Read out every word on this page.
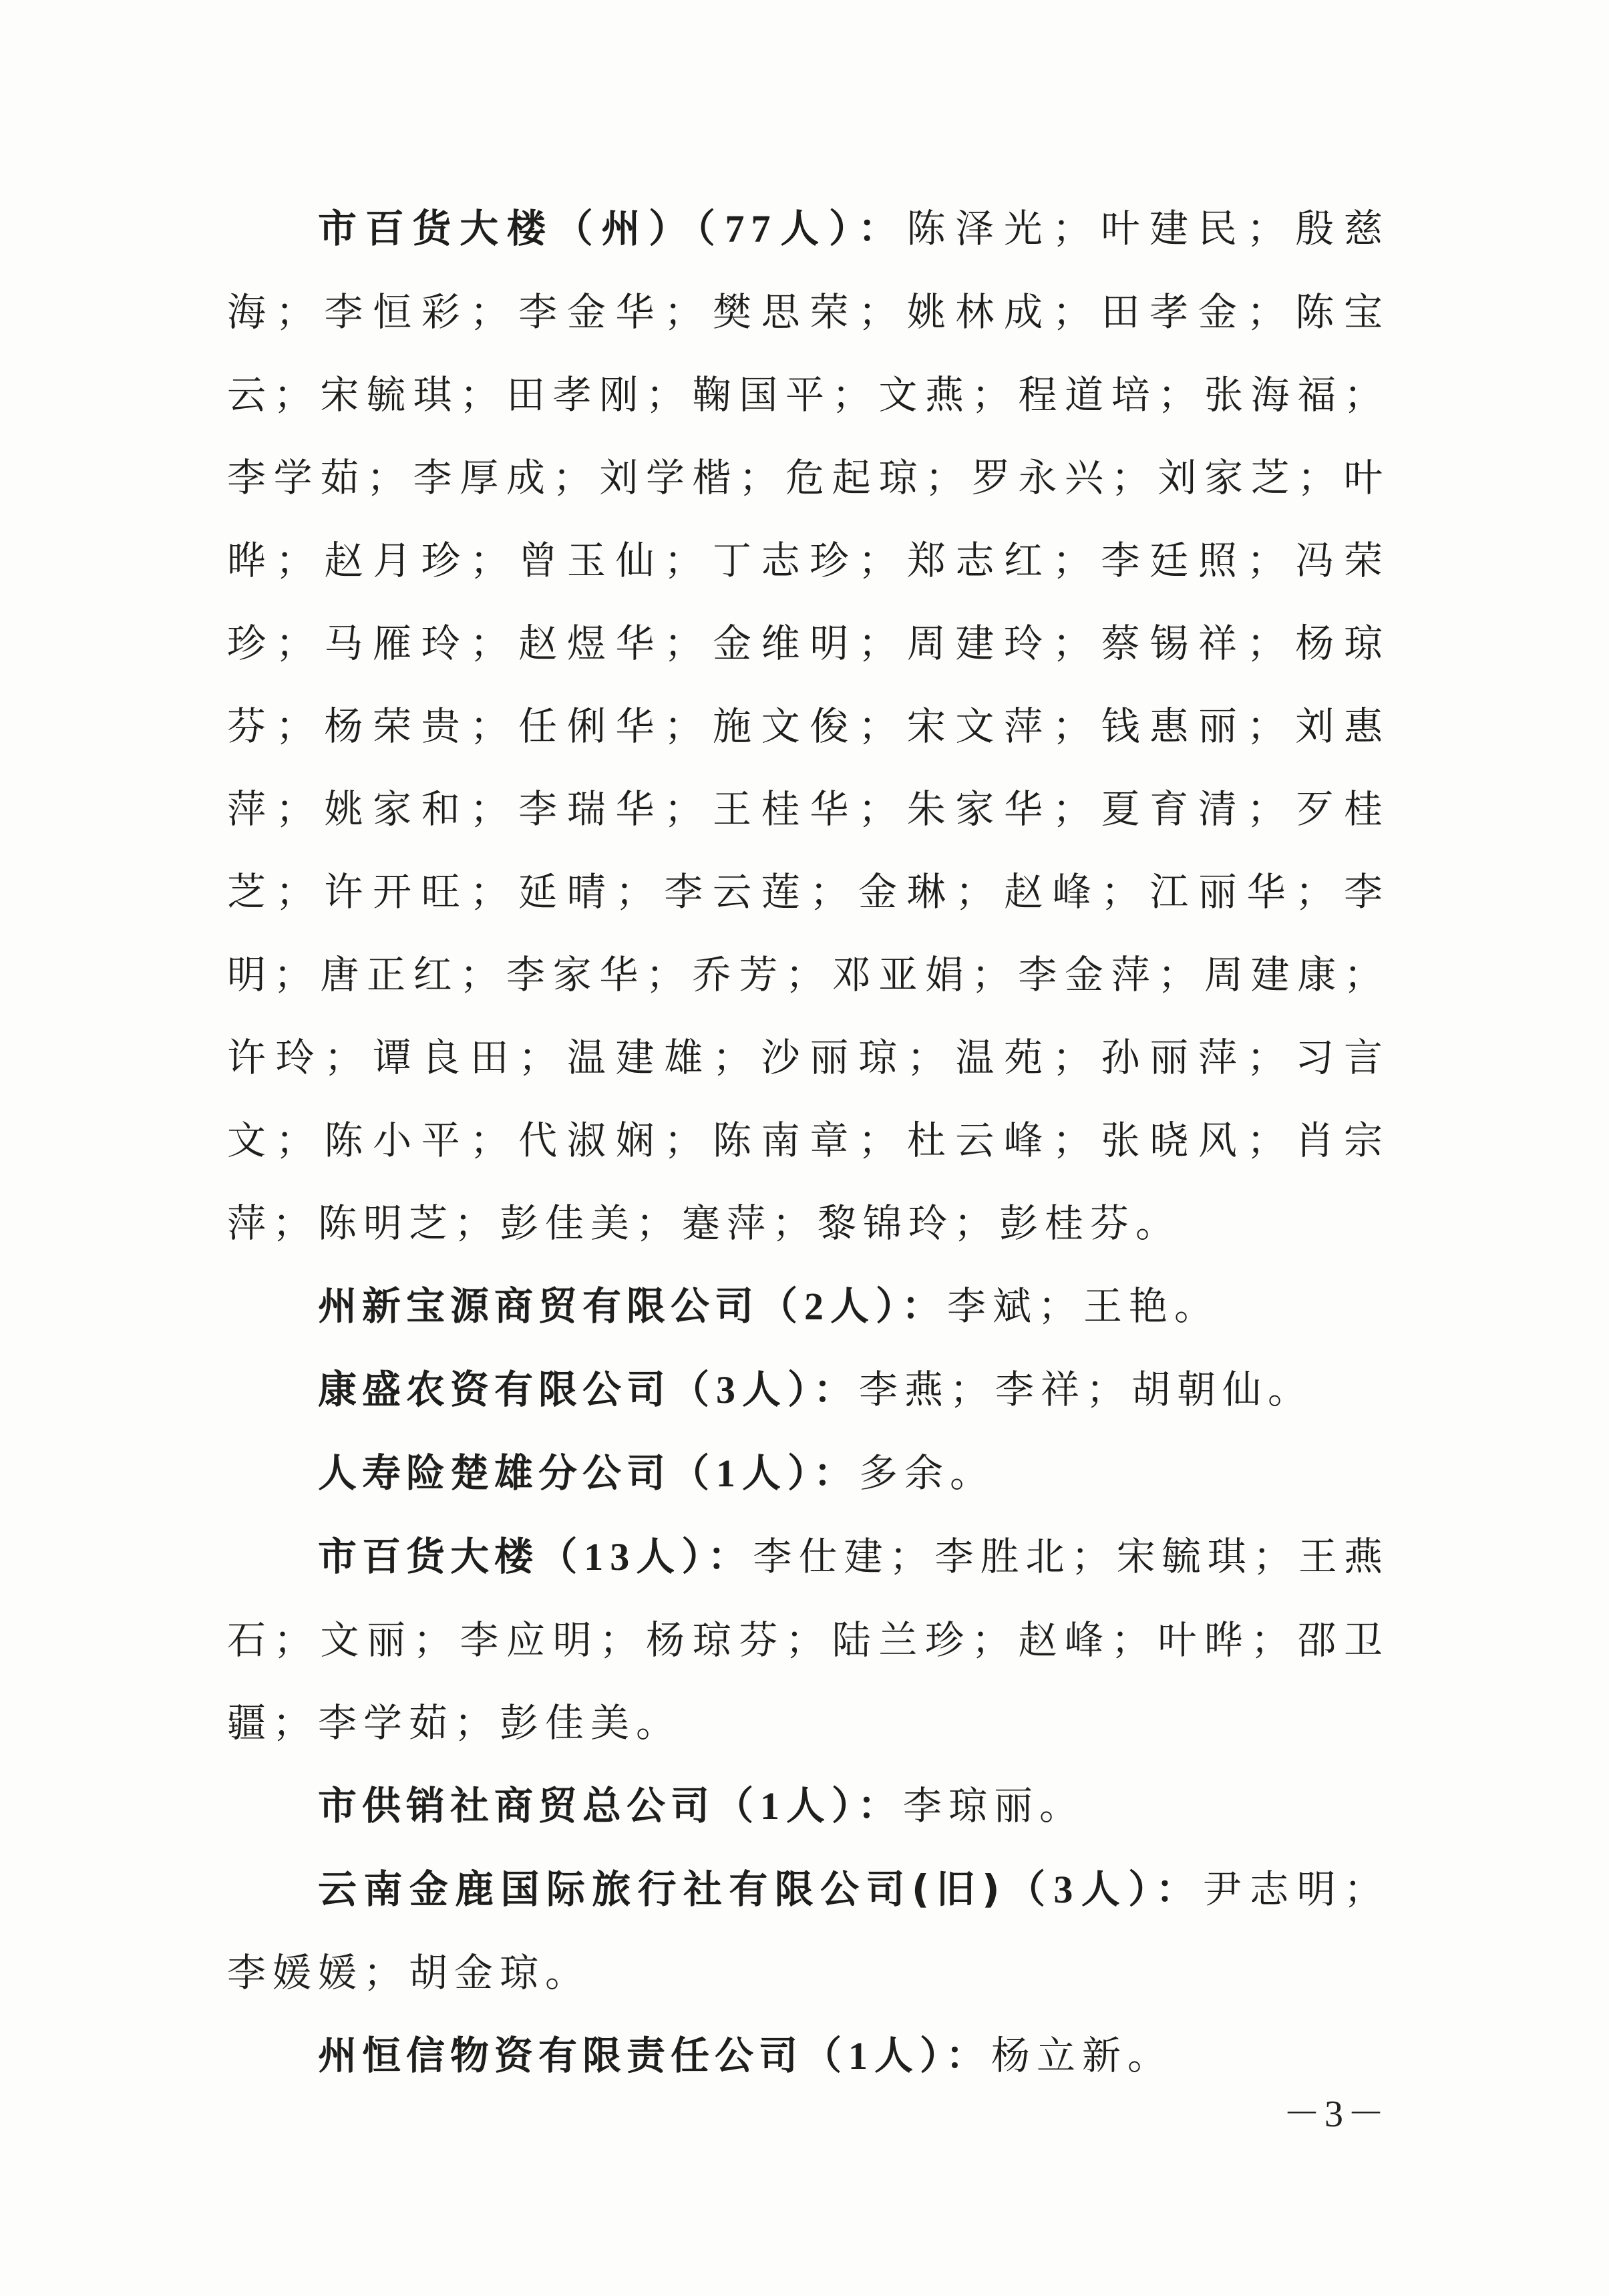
市百货大楼（州）（77人）：陈泽光；叶建民；殷慈海；李恒彩；李金华；樊思荣；姚林成；田孝金；陈宝云；宋毓琪；田孝刚；鞠国平；文燕；程道培；张海福；李学茹；李厚成；刘学楷；危起琼；罗永兴；刘家芝；叶晔；赵月珍；曾玉仙；丁志珍；郑志红；李廷照；冯荣珍；马雁玲；赵煜华；金维明；周建玲；蔡锡祥；杨琼芬；杨荣贵；任俐华；施文俊；宋文萍；钱惠丽；刘惠萍；姚家和；李瑞华；王桂华；朱家华；夏育清；歹桂芝；许开旺；延晴；李云莲；金琳；赵峰；江丽华；李明；唐正红；李家华；乔芳；邓亚娟；李金萍；周建康；许玲；谭良田；温建雄；沙丽琼；温苑；孙丽萍；习言文；陈小平；代淑娴；陈南章；杜云峰；张晓风；肖宗萍；陈明芝；彭佳美；蹇萍；黎锦玲；彭桂芬。

州新宝源商贸有限公司（2人）：李斌；王艳。

康盛农资有限公司（3人）：李燕；李祥；胡朝仙。

人寿险楚雄分公司（1人）：多余。

市百货大楼（13人）：李仕建；李胜北；宋毓琪；王燕石；文丽；李应明；杨琼芬；陆兰珍；赵峰；叶晔；邵卫疆；李学茹；彭佳美。

市供销社商贸总公司（1人）：李琼丽。

云南金鹿国际旅行社有限公司(旧)（3人）：尹志明；李媛媛；胡金琼。

州恒信物资有限责任公司（1人）：杨立新。

－3－
